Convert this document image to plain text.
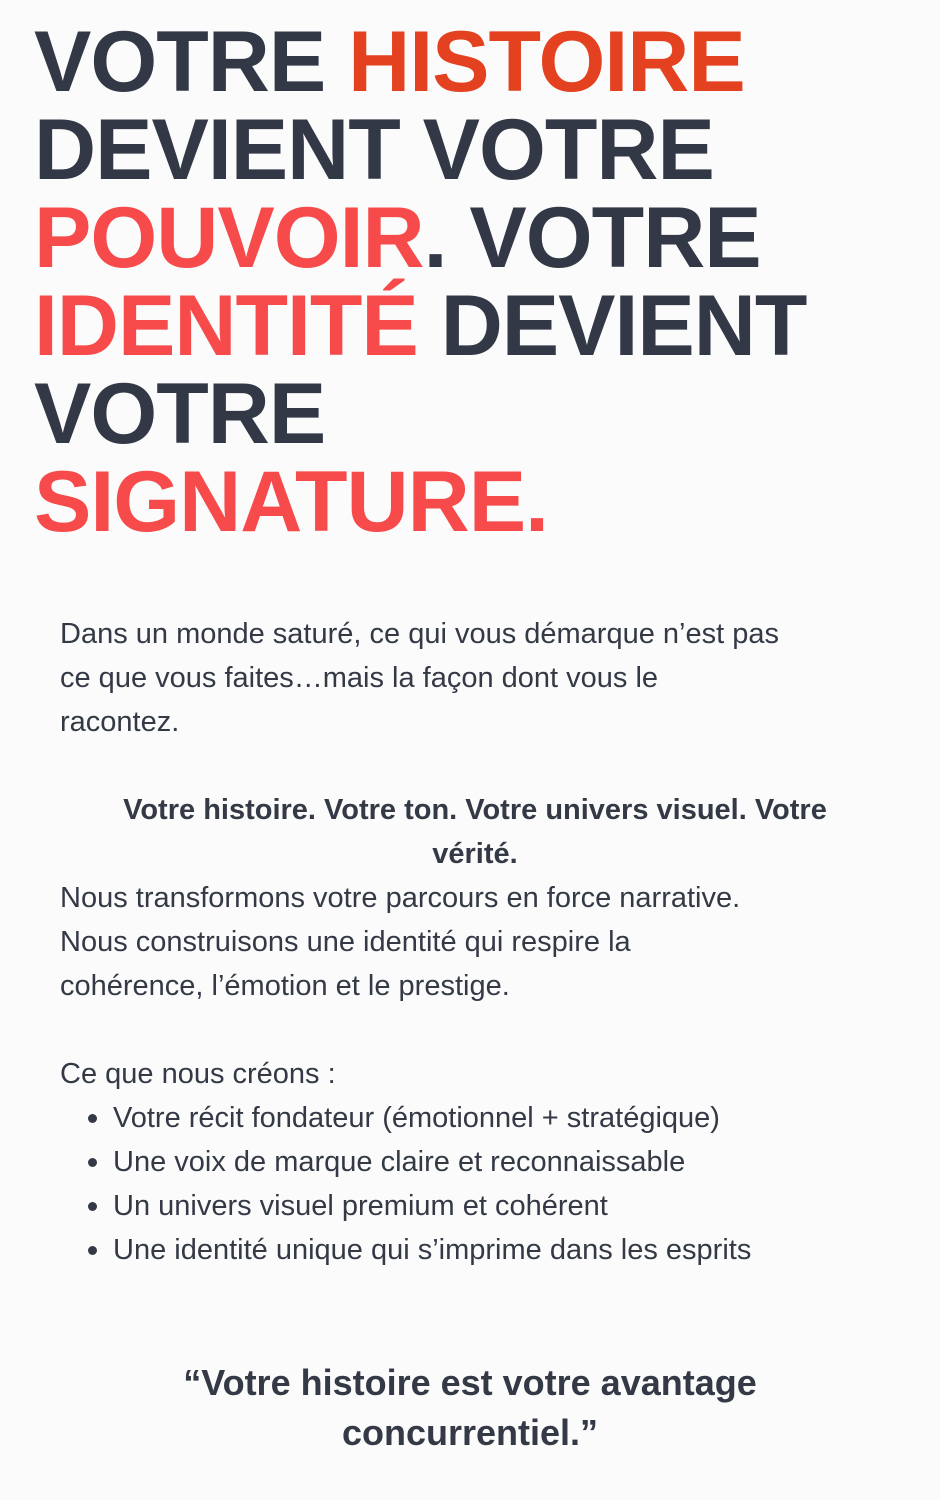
VOTRE HISTOIRE
DEVIENT VOTRE
POUVOIR. VOTRE
IDENTITÉ DEVIENT
VOTRE
SIGNATURE.

Dans un monde saturé, ce qui vous démarque n’est pas

ce que vous faites…mais la façon dont vous le

racontez.

Votre histoire. Votre ton. Votre univers visuel. Votre

vérité.

Nous transformons votre parcours en force narrative.

Nous construisons une identité qui respire la

cohérence, l’émotion et le prestige.

Ce que nous créons :

Votre récit fondateur (émotionnel + stratégique)
Une voix de marque claire et reconnaissable
Un univers visuel premium et cohérent
Une identité unique qui s’imprime dans les esprits
“Votre histoire est votre avantage
concurrentiel.”
